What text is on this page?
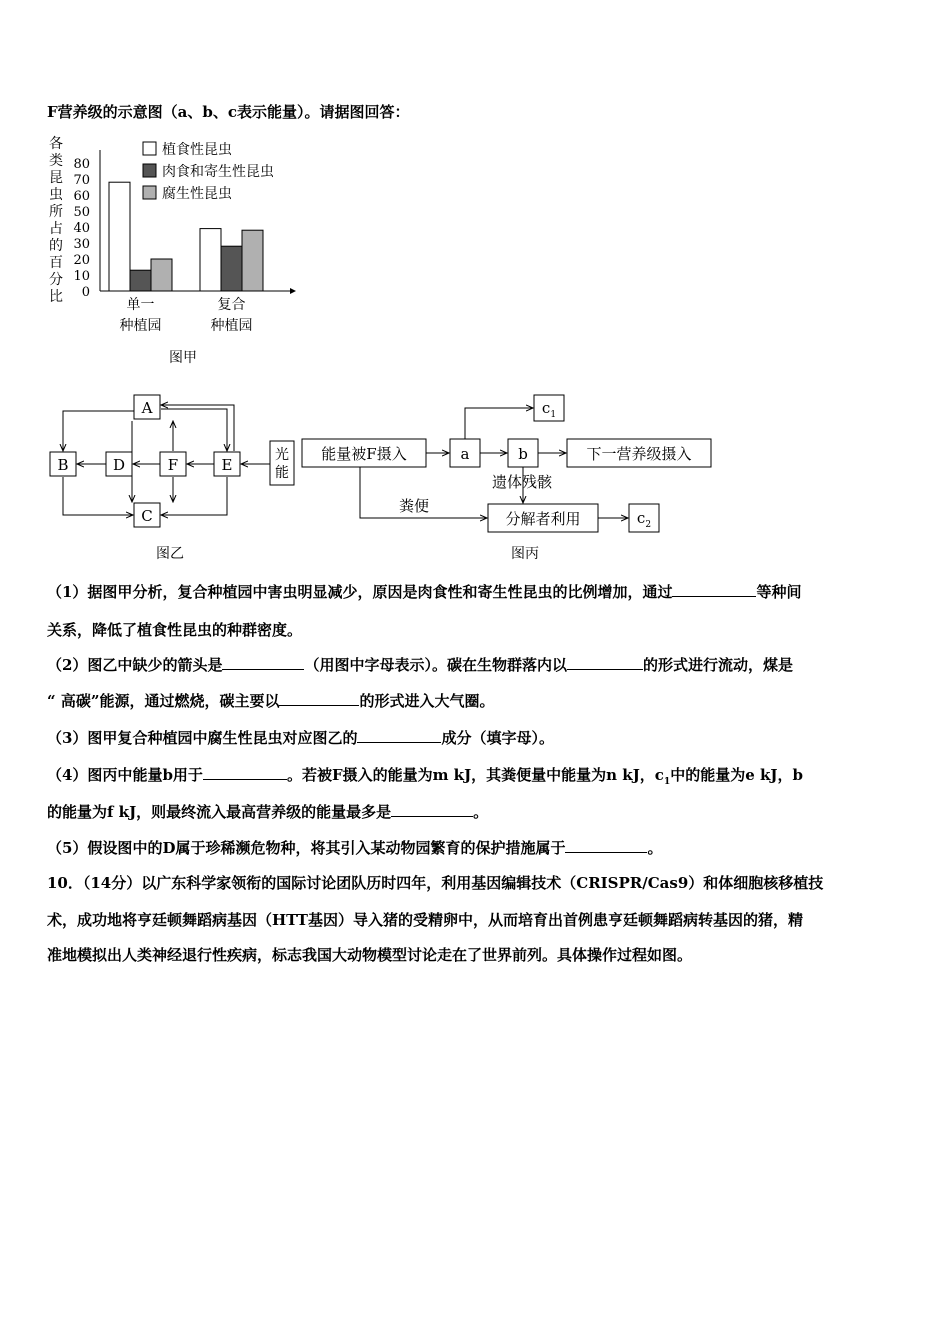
F营养级的示意图（a、b、c表示能量）。请据图回答：
各
类
昆
虫
所
占
的
百
分
比
80
70
60
50
40
30
20
10
0
植食性昆虫
肉食和寄生性昆虫
腐生性昆虫
单一
种植园
复合
种植园
图甲
A
B	D	F	E
C
光
能
图乙
能量被F摄入	a	b	下一营养级摄入
$c_1$
分解者利用	$c_2$
遗体残骸
粪便
图丙
（1）据图甲分析，复合种植园中害虫明显减少，原因是肉食性和寄生性昆虫的比例增加，通过	等种间
关系，降低了植食性昆虫的种群密度。
（2）图乙中缺少的箭头是	（用图中字母表示）。碳在生物群落内以	的形式进行流动，煤是
“ 高碳”能源，通过燃烧，碳主要以	的形式进入大气圈。
（3）图甲复合种植园中腐生性昆虫对应图乙的	成分（填字母）。
（4）图丙中能量b用于	。若被F摄入的能量为m kJ，其粪便量中能量为n kJ，$c_1$中的能量为e kJ，b
的能量为f kJ，则最终流入最高营养级的能量最多是	。
（5）假设图中的D属于珍稀濒危物种，将其引入某动物园繁育的保护措施属于	。
10．（14分）以广东科学家领衔的国际讨论团队历时四年，利用基因编辑技术（CRISPR/Cas9）和体细胞核移植技
术，成功地将亨廷顿舞蹈病基因（HTT基因）导入猪的受精卵中，从而培育出首例患亨廷顿舞蹈病转基因的猪，精
准地模拟出人类神经退行性疾病，标志我国大动物模型讨论走在了世界前列。具体操作过程如图。
